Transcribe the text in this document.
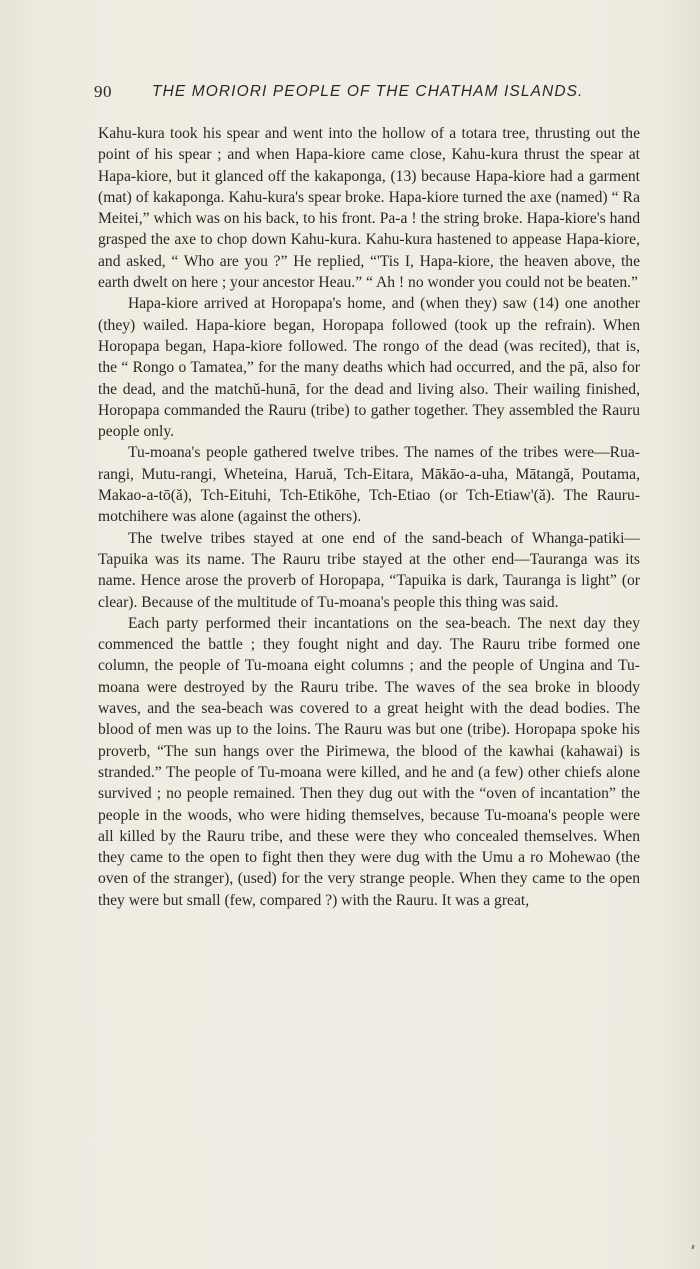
90	THE MORIORI PEOPLE OF THE CHATHAM ISLANDS.

Kahu-kura took his spear and went into the hollow of a totara tree, thrusting out the point of his spear ; and when Hapa-kiore came close, Kahu-kura thrust the spear at Hapa-kiore, but it glanced off the kakaponga, (13) because Hapa-kiore had a garment (mat) of kakaponga. Kahu-kura's spear broke. Hapa-kiore turned the axe (named) “ Ra Meitei,” which was on his back, to his front. Pa-a ! the string broke. Hapa-kiore's hand grasped the axe to chop down Kahu-kura. Kahu-kura hastened to appease Hapa-kiore, and asked, “ Who are you ?” He replied, “'Tis I, Hapa-kiore, the heaven above, the earth dwelt on here ; your ancestor Heau.” “ Ah ! no wonder you could not be beaten.”

Hapa-kiore arrived at Horopapa's home, and (when they) saw (14) one another (they) wailed. Hapa-kiore began, Horopapa followed (took up the refrain). When Horopapa began, Hapa-kiore followed. The rongo of the dead (was recited), that is, the “ Rongo o Tamatea,” for the many deaths which had occurred, and the pā, also for the dead, and the matchŭ-hunā, for the dead and living also. Their wailing finished, Horopapa commanded the Rauru (tribe) to gather together. They assembled the Rauru people only.

Tu-moana's people gathered twelve tribes. The names of the tribes were—Rua-rangi, Mutu-rangi, Wheteina, Haruă, Tch-Eitara, Mākāo-a-uha, Mātangă, Poutama, Makao-a-tō(ă), Tch-Eituhi, Tch-Etikōhe, Tch-Etiao (or Tch-Etiaw'(ă). The Rauru-motchihere was alone (against the others).

The twelve tribes stayed at one end of the sand-beach of Whanga-patiki—Tapuika was its name. The Rauru tribe stayed at the other end—Tauranga was its name. Hence arose the proverb of Horopapa, “Tapuika is dark, Tauranga is light” (or clear). Because of the multitude of Tu-moana's people this thing was said.

Each party performed their incantations on the sea-beach. The next day they commenced the battle ; they fought night and day. The Rauru tribe formed one column, the people of Tu-moana eight columns ; and the people of Ungina and Tu-moana were destroyed by the Rauru tribe. The waves of the sea broke in bloody waves, and the sea-beach was covered to a great height with the dead bodies. The blood of men was up to the loins. The Rauru was but one (tribe). Horopapa spoke his proverb, “The sun hangs over the Pirimewa, the blood of the kawhai (kahawai) is stranded.” The people of Tu-moana were killed, and he and (a few) other chiefs alone survived ; no people remained. Then they dug out with the “oven of incantation” the people in the woods, who were hiding themselves, because Tu-moana's people were all killed by the Rauru tribe, and these were they who concealed themselves. When they came to the open to fight then they were dug with the Umu a ro Mohewao (the oven of the stranger), (used) for the very strange people. When they came to the open they were but small (few, compared ?) with the Rauru. It was a great,
